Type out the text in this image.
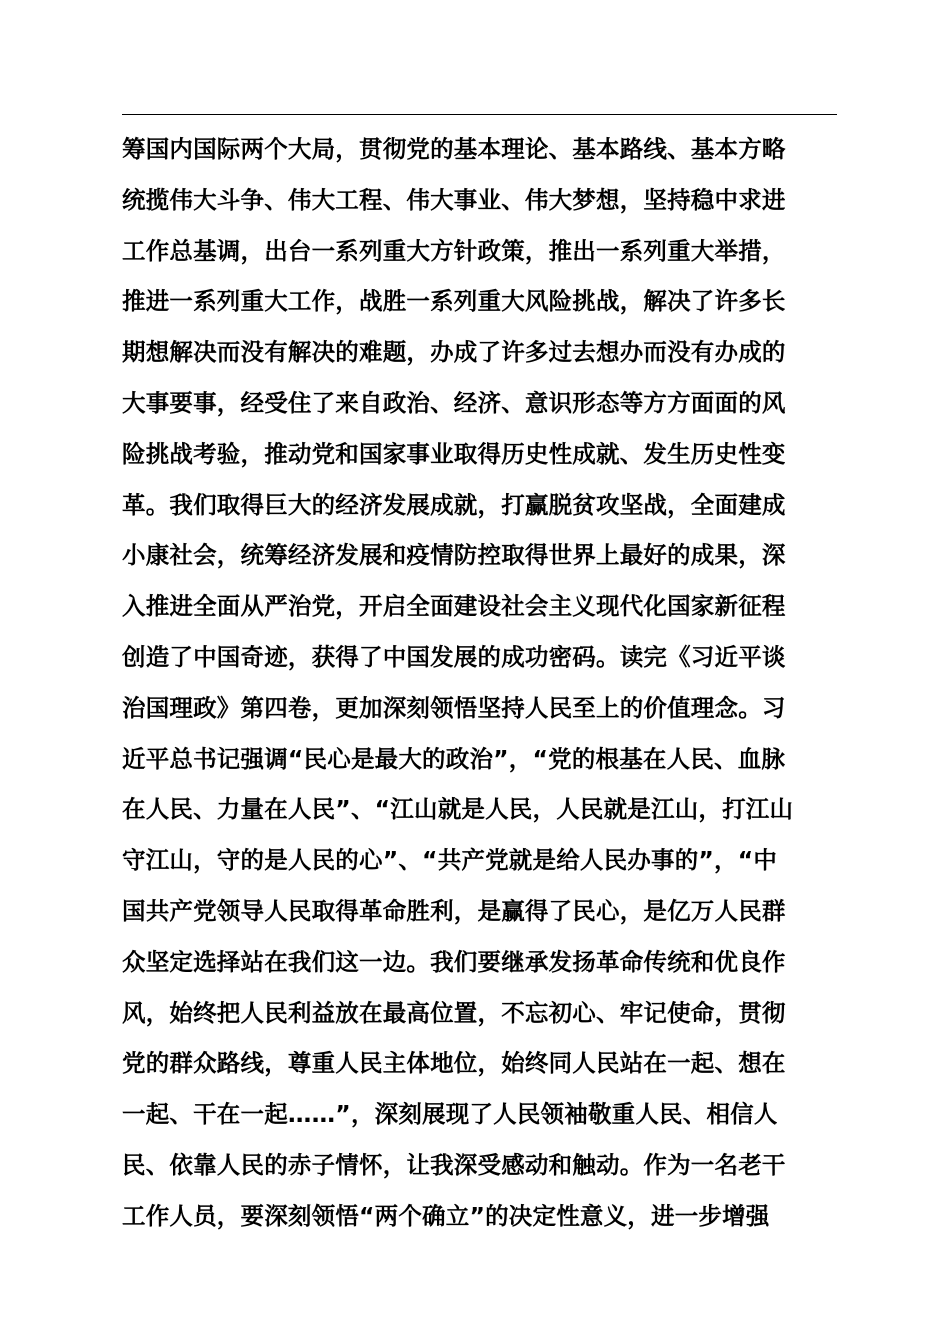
筹国内国际两个大局，贯彻党的基本理论、基本路线、基本方略
统揽伟大斗争、伟大工程、伟大事业、伟大梦想，坚持稳中求进
工作总基调，出台一系列重大方针政策，推出一系列重大举措，
推进一系列重大工作，战胜一系列重大风险挑战，解决了许多长
期想解决而没有解决的难题，办成了许多过去想办而没有办成的
大事要事，经受住了来自政治、经济、意识形态等方方面面的风
险挑战考验，推动党和国家事业取得历史性成就、发生历史性变
革。我们取得巨大的经济发展成就，打赢脱贫攻坚战，全面建成
小康社会，统筹经济发展和疫情防控取得世界上最好的成果，深
入推进全面从严治党，开启全面建设社会主义现代化国家新征程
创造了中国奇迹，获得了中国发展的成功密码。读完《习近平谈
治国理政》第四卷，更加深刻领悟坚持人民至上的价值理念。习
近平总书记强调“民心是最大的政治”，“党的根基在人民、血脉
在人民、力量在人民”、“江山就是人民，人民就是江山，打江山
守江山，守的是人民的心”、“共产党就是给人民办事的”，“中
国共产党领导人民取得革命胜利，是赢得了民心，是亿万人民群
众坚定选择站在我们这一边。我们要继承发扬革命传统和优良作
风，始终把人民利益放在最高位置，不忘初心、牢记使命，贯彻
党的群众路线，尊重人民主体地位，始终同人民站在一起、想在
一起、干在一起……”，深刻展现了人民领袖敬重人民、相信人
民、依靠人民的赤子情怀，让我深受感动和触动。作为一名老干
工作人员，要深刻领悟“两个确立”的决定性意义，进一步增强
